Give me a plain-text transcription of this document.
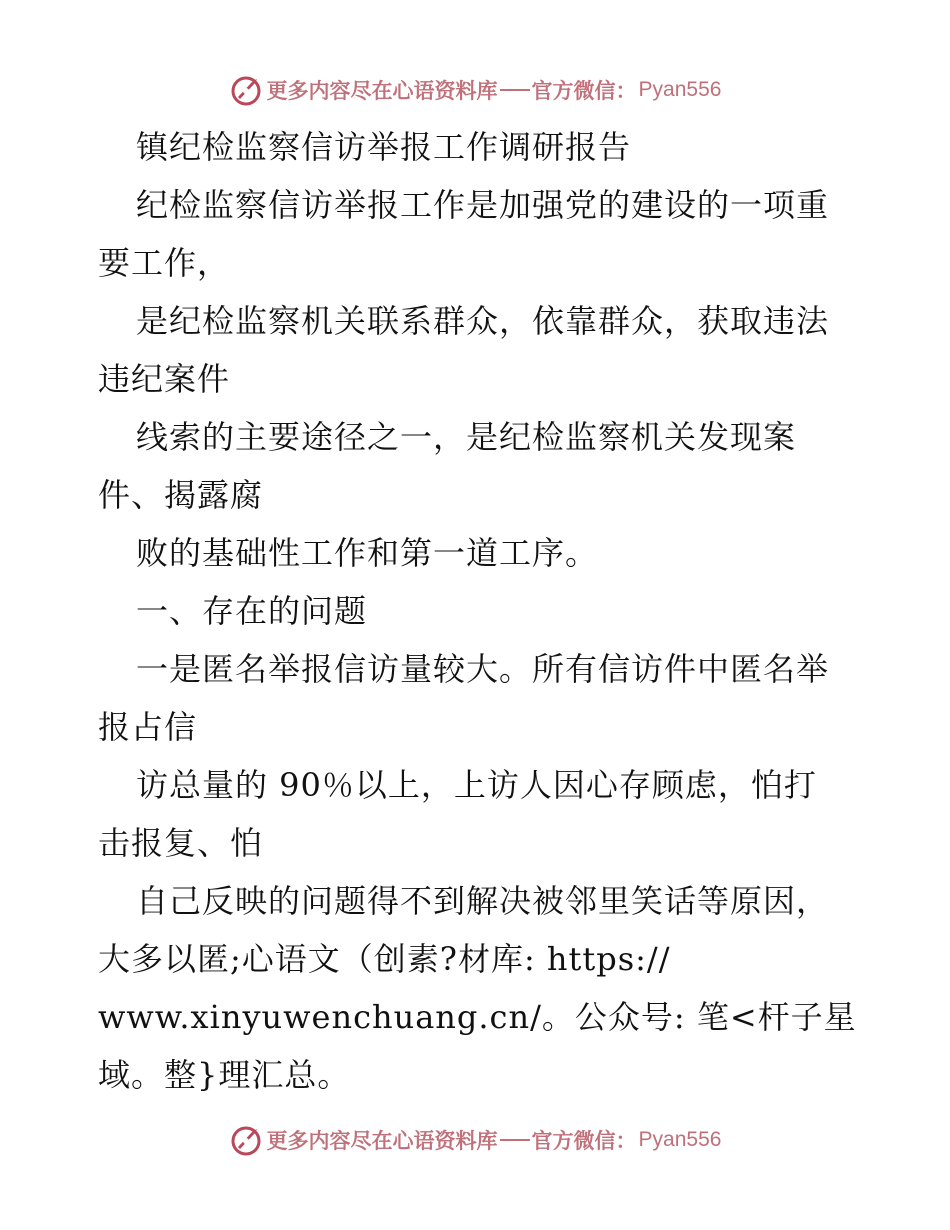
更多内容尽在心语资料库 官方微信： Pyan556
镇纪检监察信访举报工作调研报告
纪检监察信访举报工作是加强党的建设的一项重
要工作，
是纪检监察机关联系群众，依靠群众，获取违法
违纪案件
线索的主要途径之一，是纪检监察机关发现案
件、揭露腐
败的基础性工作和第一道工序。
一、存在的问题
一是匿名举报信访量较大。所有信访件中匿名举
报占信
访总量的 90％以上，上访人因心存顾虑，怕打
击报复、怕
自己反映的问题得不到解决被邻里笑话等原因，
大多以匿;心语文（创素?材库: https://
www.xinyuwenchuang.cn/。公众号: 笔<杆子星
域。整}理汇总。
更多内容尽在心语资料库 官方微信： Pyan556
